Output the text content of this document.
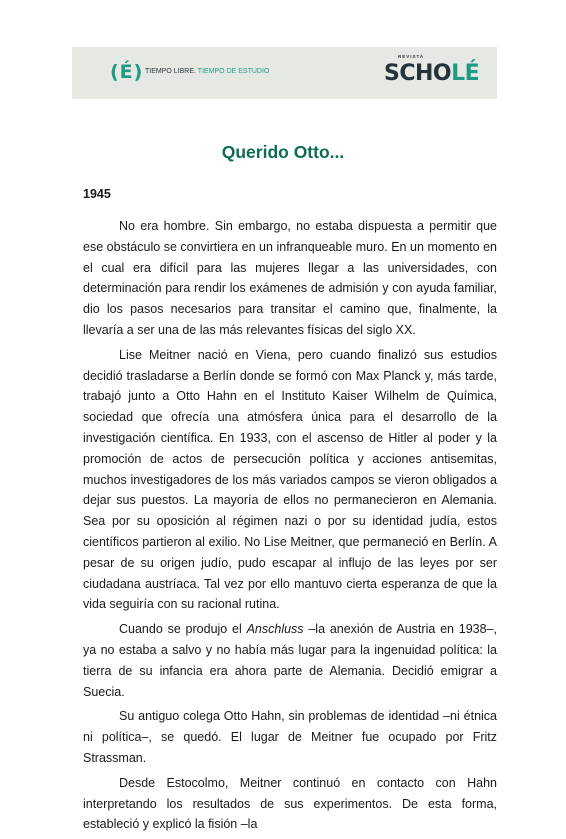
(É) TIEMPO LIBRE. TIEMPO DE ESTUDIO
REVISTA
SCHOLÉ
Querido Otto...
1945

No era hombre. Sin embargo, no estaba dispuesta a permitir que ese obstáculo se convirtiera en un infranqueable muro. En un momento en el cual era difícil para las mujeres llegar a las universidades, con determinación para rendir los exámenes de admisión y con ayuda familiar, dio los pasos necesarios para transitar el camino que, finalmente, la llevaría a ser una de las más relevantes físicas del siglo XX.

Lise Meitner nació en Viena, pero cuando finalizó sus estudios decidió trasladarse a Berlín donde se formó con Max Planck y, más tarde, trabajó junto a Otto Hahn en el Instituto Kaiser Wilhelm de Química, sociedad que ofrecía una atmósfera única para el desarrollo de la investigación científica. En 1933, con el ascenso de Hitler al poder y la promoción de actos de persecución política y acciones antisemitas, muchos investigadores de los más variados campos se vieron obligados a dejar sus puestos. La mayoría de ellos no permanecieron en Alemania. Sea por su oposición al régimen nazi o por su identidad judía, estos científicos partieron al exilio. No Lise Meitner, que permaneció en Berlín. A pesar de su origen judío, pudo escapar al influjo de las leyes por ser ciudadana austríaca. Tal vez por ello mantuvo cierta esperanza de que la vida seguiría con su racional rutina.

Cuando se produjo el Anschluss –la anexión de Austria en 1938–, ya no estaba a salvo y no había más lugar para la ingenuidad política: la tierra de su infancia era ahora parte de Alemania. Decidió emigrar a Suecia.

Su antiguo colega Otto Hahn, sin problemas de identidad –ni étnica ni política–, se quedó. El lugar de Meitner fue ocupado por Fritz Strassman.

Desde Estocolmo, Meitner continuó en contacto con Hahn interpretando los resultados de sus experimentos. De esta forma, estableció y explicó la fisión –la
